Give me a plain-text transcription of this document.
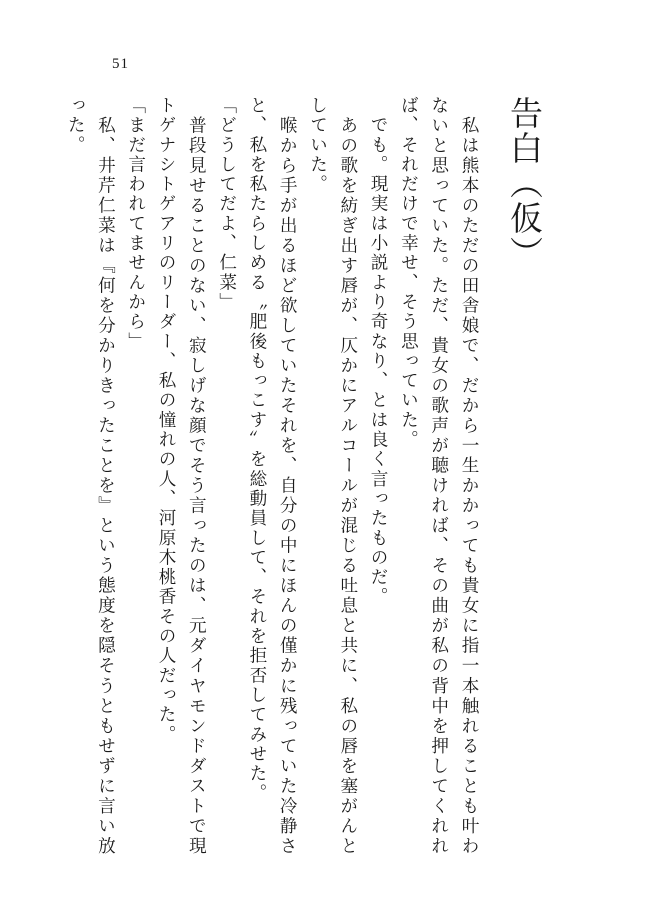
51
告白（仮）

　私は熊本のただの田舎娘で、だから一生かかっても貴女に指一本触れることも叶わないと思っていた。ただ、貴女の歌声が聴ければ、その曲が私の背中を押してくれれば、それだけで幸せ、そう思っていた。

　でも。現実は小説より奇なり、とは良く言ったものだ。

　あの歌を紡ぎ出す唇が、仄かにアルコールが混じる吐息と共に、私の唇を塞がんとしていた。

　喉から手が出るほど欲していたそれを、自分の中にほんの僅かに残っていた冷静さと、私を私たらしめる〝肥後もっこす〟を総動員して、それを拒否してみせた。

「どうしてだよ、仁菜」

　普段見せることのない、寂しげな顔でそう言ったのは、元ダイヤモンドダストで現トゲナシトゲアリのリーダー、私の憧れの人、河原木桃香その人だった。

「まだ言われてませんから」

　私、井芹仁菜は『何を分かりきったことを』という態度を隠そうともせずに言い放った。
